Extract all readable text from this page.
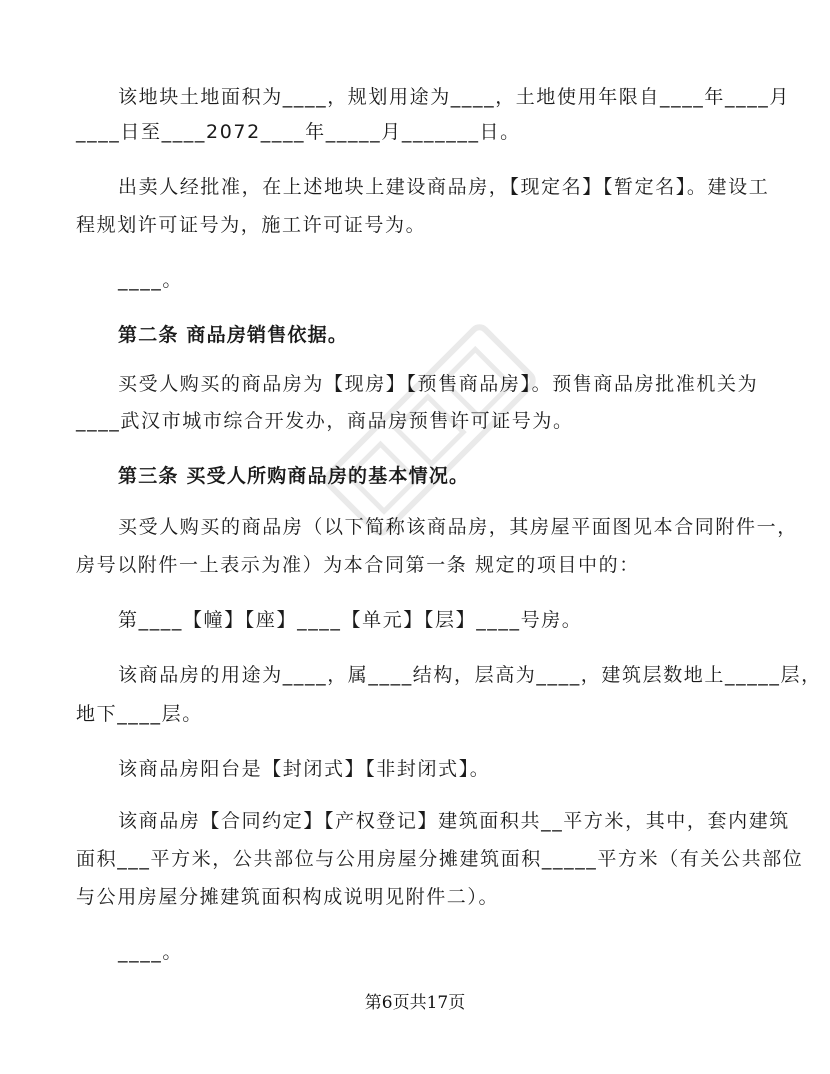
该地块土地面积为____，规划用途为____，土地使用年限自____年____月
____日至____2072____年_____月_______日。
出卖人经批准，在上述地块上建设商品房，【现定名】【暂定名】。建设工
程规划许可证号为，施工许可证号为。
____。
第二条 商品房销售依据。
买受人购买的商品房为【现房】【预售商品房】。预售商品房批准机关为
____武汉市城市综合开发办，商品房预售许可证号为。
第三条 买受人所购商品房的基本情况。
买受人购买的商品房（以下简称该商品房，其房屋平面图见本合同附件一，
房号以附件一上表示为准）为本合同第一条 规定的项目中的：
第____【幢】【座】____【单元】【层】____号房。
该商品房的用途为____，属____结构，层高为____，建筑层数地上_____层，
地下____层。
该商品房阳台是【封闭式】【非封闭式】。
该商品房【合同约定】【产权登记】建筑面积共__平方米，其中，套内建筑
面积___平方米，公共部位与公用房屋分摊建筑面积_____平方米（有关公共部位
与公用房屋分摊建筑面积构成说明见附件二）。
____。
第6页共17页
